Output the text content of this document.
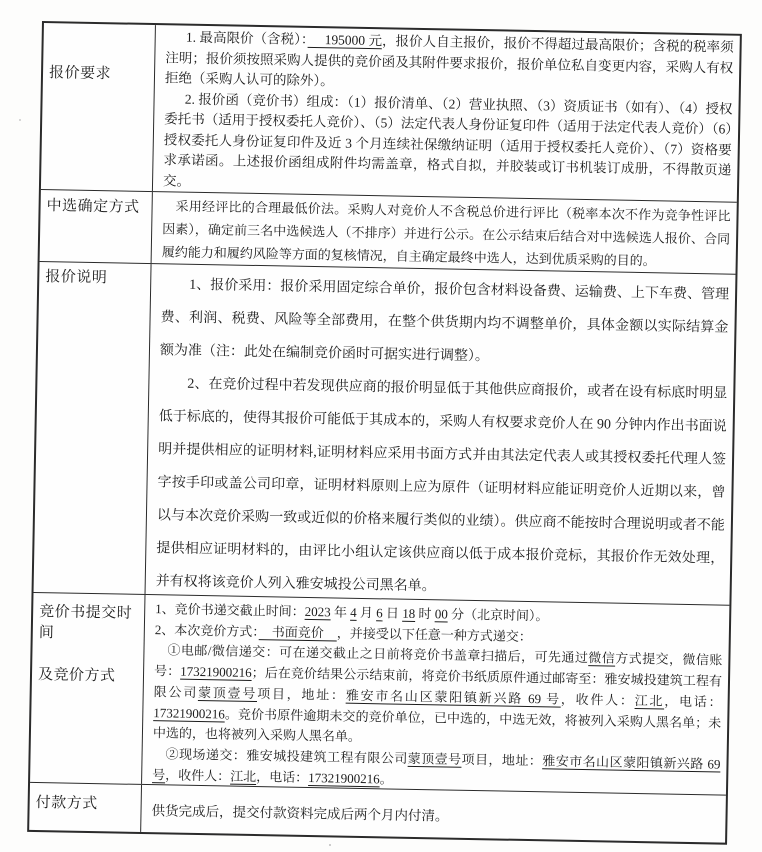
报价要求

1. 最高限价（含税）：　 195000 元，报价人自主报价，报价不得超过最高限价；含税的税率须注明；报价须按照采购人提供的竞价函及其附件要求报价，报价单位私自变更内容，采购人有权拒绝（采购人认可的除外）。

2. 报价函（竞价书）组成：（1）报价清单、（2）营业执照、（3）资质证书（如有）、（4）授权委托书（适用于授权委托人竞价）、（5）法定代表人身份证复印件（适用于法定代表人竞价）（6）授权委托人身份证复印件及近 3 个月连续社保缴纳证明（适用于授权委托人竞价）、（7）资格要求承诺函。上述报价函组成附件均需盖章，格式自拟，并胶装或订书机装订成册，不得散页递交。

中选确定方式	采用经评比的合理最低价法。采购人对竞价人不含税总价进行评比（税率本次不作为竞争性评比因素），确定前三名中选候选人（不排序）并进行公示。在公示结束后结合对中选候选人报价、合同履约能力和履约风险等方面的复核情况，自主确定最终中选人，达到优质采购的目的。

报价说明

1、报价采用：报价采用固定综合单价，报价包含材料设备费、运输费、上下车费、管理费、利润、税费、风险等全部费用，在整个供货期内均不调整单价，具体金额以实际结算金额为准（注：此处在编制竞价函时可据实进行调整）。

2、在竞价过程中若发现供应商的报价明显低于其他供应商报价，或者在设有标底时明显低于标底的，使得其报价可能低于其成本的，采购人有权要求竞价人在 90 分钟内作出书面说明并提供相应的证明材料,证明材料应采用书面方式并由其法定代表人或其授权委托代理人签字按手印或盖公司印章，证明材料原则上应为原件（证明材料应能证明竞价人近期以来，曾以与本次竞价采购一致或近似的价格来履行类似的业绩）。供应商不能按时合理说明或者不能提供相应证明材料的，由评比小组认定该供应商以低于成本报价竞标，其报价作无效处理，并有权将该竞价人列入雅安城投公司黑名单。

竞价书提交时间
及竞价方式

1、竞价书递交截止时间：2023 年 4 月 6 日 18 时 00 分（北京时间）。

2、本次竞价方式：　书面竞价　，并接受以下任意一种方式递交：

①电邮/微信递交：可在递交截止之日前将竞价书盖章扫描后，可先通过微信方式提交，微信账号：17321900216；后在竞价结果公示结束前，将竞价书纸质原件通过邮寄至：雅安城投建筑工程有限公司蒙顶壹号项目，地址：雅安市名山区蒙阳镇新兴路 69 号，收件人：江北，电话：17321900216。竞价书原件逾期未交的竞价单位，已中选的，中选无效，将被列入采购人黑名单；未中选的，也将被列入采购人黑名单。

②现场递交：雅安城投建筑工程有限公司蒙顶壹号项目，地址：雅安市名山区蒙阳镇新兴路 69 号，收件人：江北，电话：17321900216。

付款方式	供货完成后，提交付款资料完成后两个月内付清。
